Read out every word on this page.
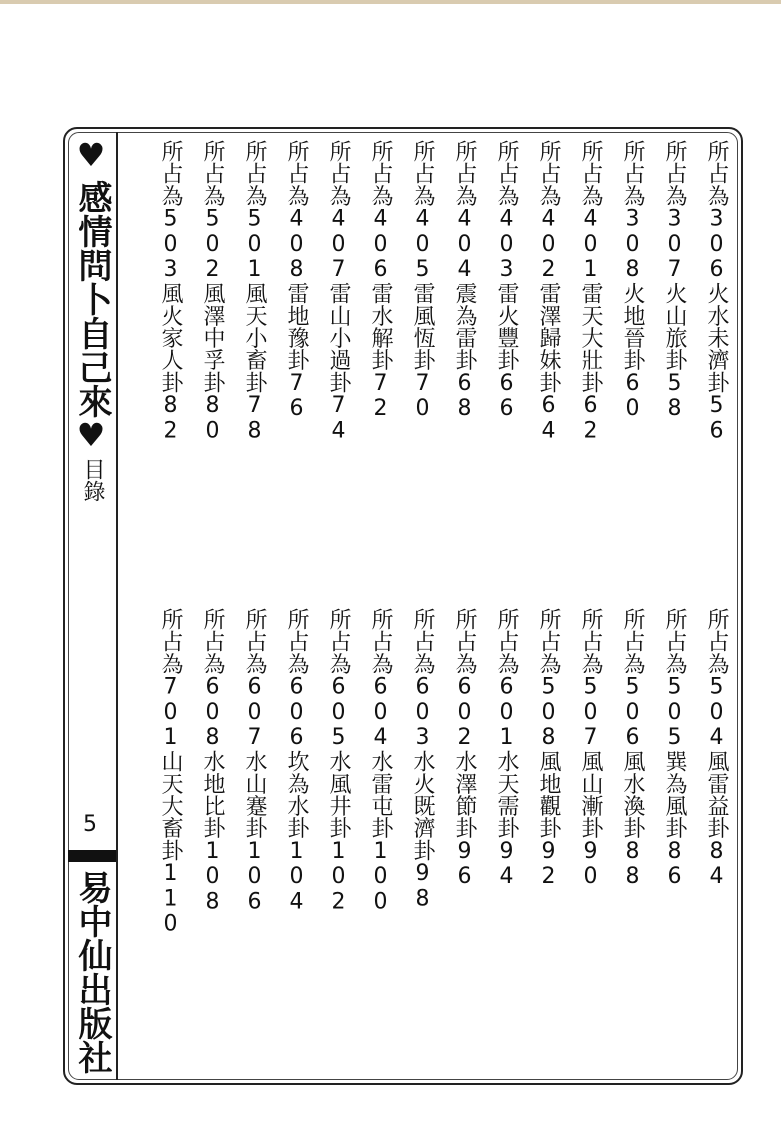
♥
感情問卜自己來
♥
目錄
5
易中仙出版社
所占為306火水未濟卦56
所占為307火山旅卦58
所占為308火地晉卦60
所占為401雷天大壯卦62
所占為402雷澤歸妹卦64
所占為403雷火豐卦66
所占為404震為雷卦68
所占為405雷風恆卦70
所占為406雷水解卦72
所占為407雷山小過卦74
所占為408雷地豫卦76
所占為501風天小畜卦78
所占為502風澤中孚卦80
所占為503風火家人卦82
所占為504風雷益卦84
所占為505巽為風卦86
所占為506風水渙卦88
所占為507風山漸卦90
所占為508風地觀卦92
所占為601水天需卦94
所占為602水澤節卦96
所占為603水火既濟卦98
所占為604水雷屯卦100
所占為605水風井卦102
所占為606坎為水卦104
所占為607水山蹇卦106
所占為608水地比卦108
所占為701山天大畜卦110
